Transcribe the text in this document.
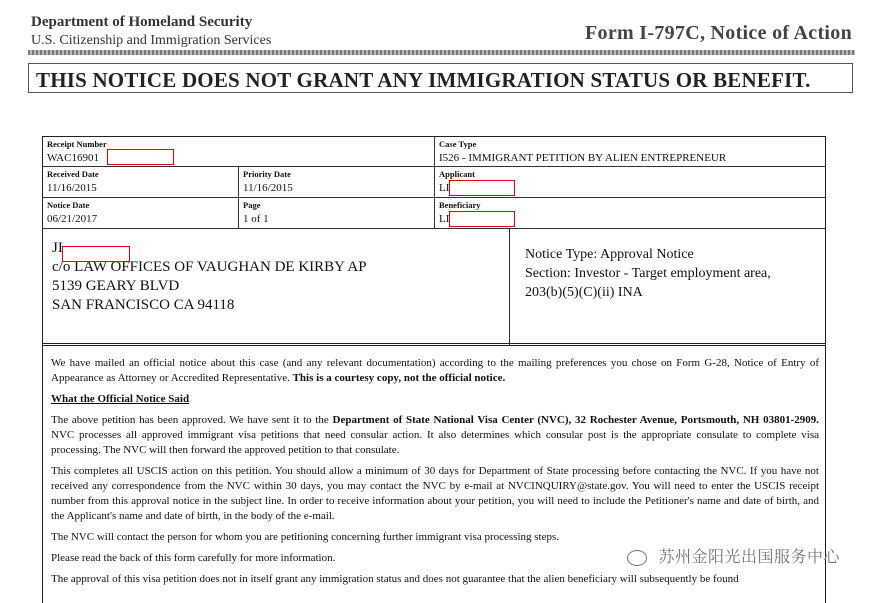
Department of Homeland Security
U.S. Citizenship and Immigration Services	Form I-797C, Notice of Action
THIS NOTICE DOES NOT GRANT ANY IMMIGRATION STATUS OR BENEFIT.
Receipt Number
WAC16901
Case Type
I526 - IMMIGRANT PETITION BY ALIEN ENTREPRENEUR
Received Date
11/16/2015
Priority Date
11/16/2015
Applicant
LI
Notice Date
06/21/2017
Page
1 of 1
Beneficiary
LI
JI
c/o LAW OFFICES OF VAUGHAN DE KIRBY AP
5139 GEARY BLVD
SAN FRANCISCO CA 94118
Notice Type: Approval Notice
Section: Investor - Target employment area,
203(b)(5)(C)(ii) INA

We have mailed an official notice about this case (and any relevant documentation) according to the mailing preferences you chose on Form G-28, Notice of Entry of Appearance as Attorney or Accredited Representative. This is a courtesy copy, not the official notice.

What the Official Notice Said

The above petition has been approved. We have sent it to the Department of State National Visa Center (NVC), 32 Rochester Avenue, Portsmouth, NH 03801-2909. NVC processes all approved immigrant visa petitions that need consular action. It also determines which consular post is the appropriate consulate to complete visa processing. The NVC will then forward the approved petition to that consulate.

This completes all USCIS action on this petition. You should allow a minimum of 30 days for Department of State processing before contacting the NVC. If you have not received any correspondence from the NVC within 30 days, you may contact the NVC by e-mail at NVCINQUIRY@state.gov. You will need to enter the USCIS receipt number from this approval notice in the subject line. In order to receive information about your petition, you will need to include the Petitioner's name and date of birth, and the Applicant's name and date of birth, in the body of the e-mail.

The NVC will contact the person for whom you are petitioning concerning further immigrant visa processing steps.

Please read the back of this form carefully for more information.

The approval of this visa petition does not in itself grant any immigration status and does not guarantee that the alien beneficiary will subsequently be found

苏州金阳光出国服务中心
